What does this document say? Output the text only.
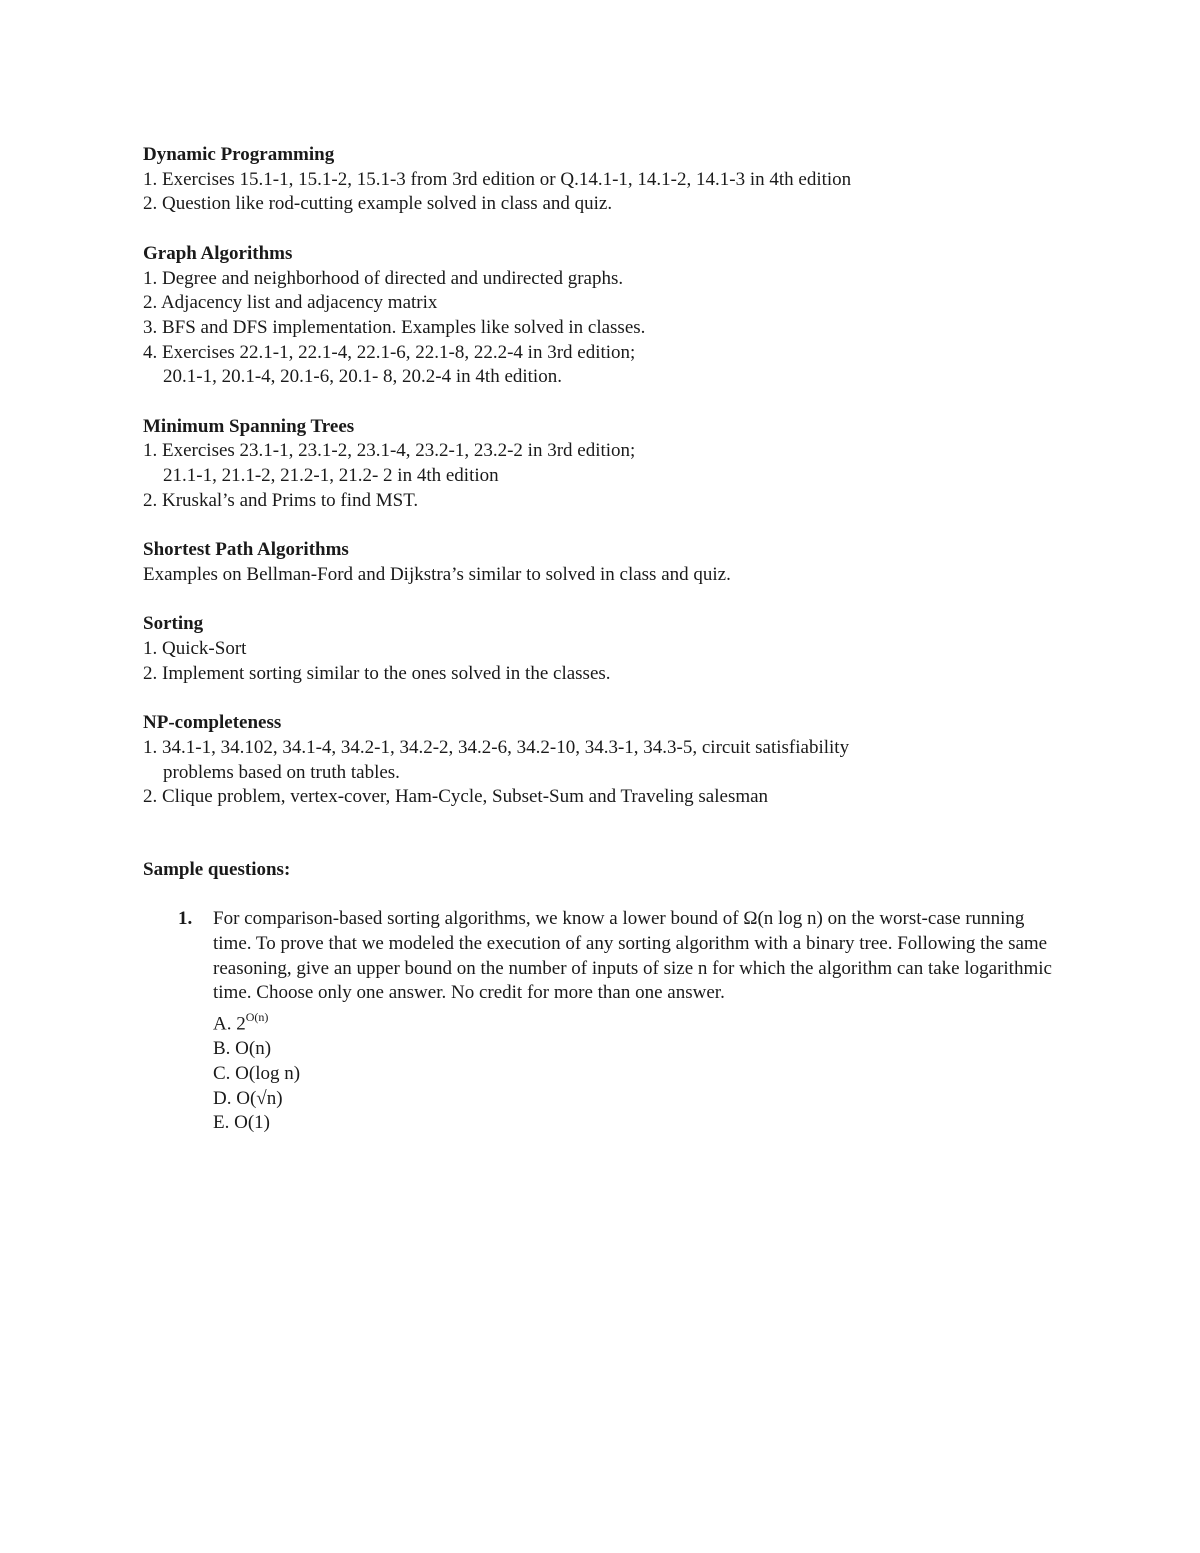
Dynamic Programming
1. Exercises 15.1-1, 15.1-2, 15.1-3 from 3rd edition or Q.14.1-1, 14.1-2, 14.1-3 in 4th edition
2. Question like rod-cutting example solved in class and quiz.
Graph Algorithms
1. Degree and neighborhood of directed and undirected graphs.
2. Adjacency list and adjacency matrix
3. BFS and DFS implementation. Examples like solved in classes.
4. Exercises 22.1-1, 22.1-4, 22.1-6, 22.1-8, 22.2-4 in 3rd edition;
20.1-1, 20.1-4, 20.1-6, 20.1- 8, 20.2-4 in 4th edition.
Minimum Spanning Trees
1. Exercises 23.1-1, 23.1-2, 23.1-4, 23.2-1, 23.2-2 in 3rd edition;
21.1-1, 21.1-2, 21.2-1, 21.2- 2 in 4th edition
2. Kruskal’s and Prims to find MST.
Shortest Path Algorithms
Examples on Bellman-Ford and Dijkstra’s similar to solved in class and quiz.
Sorting
1. Quick-Sort
2. Implement sorting similar to the ones solved in the classes.
NP-completeness
1. 34.1-1, 34.102, 34.1-4, 34.2-1, 34.2-2, 34.2-6, 34.2-10, 34.3-1, 34.3-5, circuit satisfiability
problems based on truth tables.
2. Clique problem, vertex-cover, Ham-Cycle, Subset-Sum and Traveling salesman
Sample questions:
1. For comparison-based sorting algorithms, we know a lower bound of Ω(n log n) on the worst-case running time. To prove that we modeled the execution of any sorting algorithm with a binary tree. Following the same reasoning, give an upper bound on the number of inputs of size n for which the algorithm can take logarithmic time. Choose only one answer. No credit for more than one answer.
A. $2^{O(n)}$
B. O(n)
C. O(log n)
D. O(√n)
E. O(1)
